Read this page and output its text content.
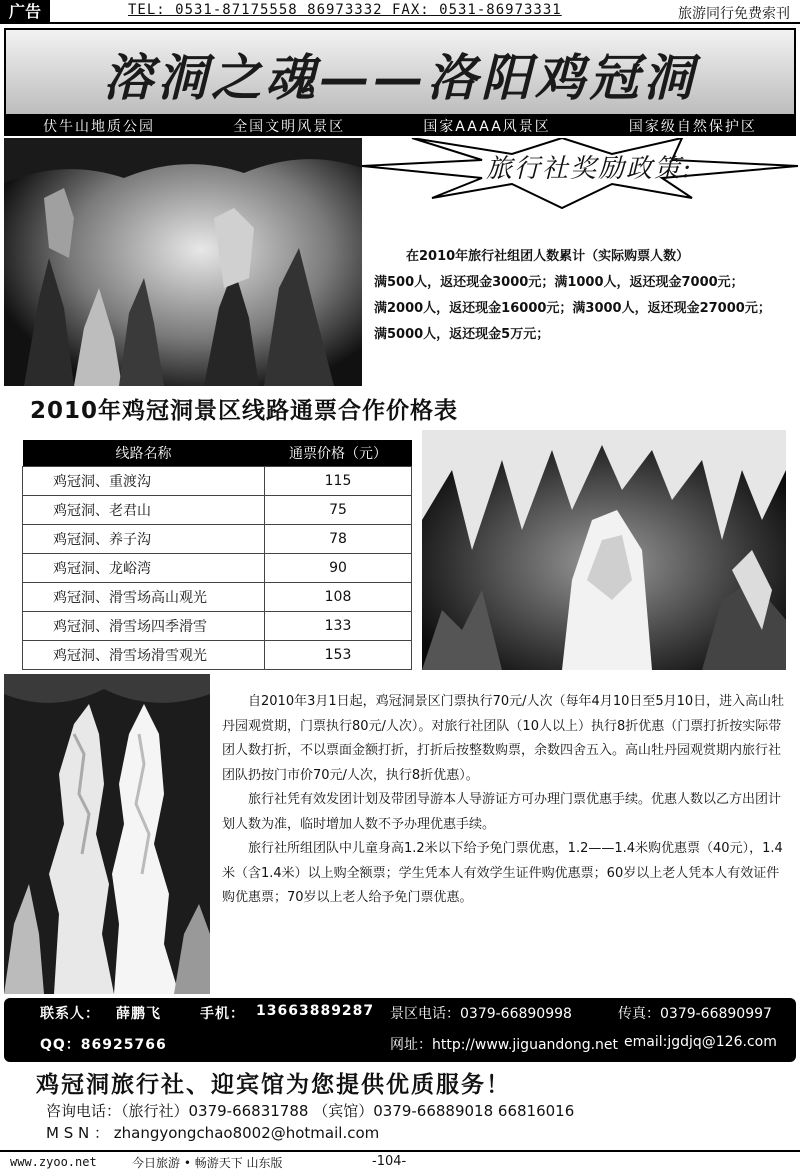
广告	TEL: 0531-87175558 86973332 FAX: 0531-86973331	旅游同行免费索刊
溶洞之魂——洛阳鸡冠洞
伏牛山地质公园	全国文明风景区	国家AAAA风景区	国家级自然保护区
旅行社奖励政策:

在2010年旅行社组团人数累计（实际购票人数）

满500人，返还现金3000元；满1000人，返还现金7000元；

满2000人，返还现金16000元；满3000人，返还现金27000元；

满5000人，返还现金5万元；

2010年鸡冠洞景区线路通票合作价格表
线路名称	通票价格（元）
鸡冠洞、重渡沟	115
鸡冠洞、老君山	75
鸡冠洞、养子沟	78
鸡冠洞、龙峪湾	90
鸡冠洞、滑雪场高山观光	108
鸡冠洞、滑雪场四季滑雪	133
鸡冠洞、滑雪场滑雪观光	153

自2010年3月1日起，鸡冠洞景区门票执行70元/人次（每年4月10日至5月10日，进入高山牡丹园观赏期，门票执行80元/人次）。对旅行社团队（10人以上）执行8折优惠（门票打折按实际带团人数打折，不以票面金额打折，打折后按整数购票，余数四舍五入。高山牡丹园观赏期内旅行社团队扔按门市价70元/人次，执行8折优惠）。

旅行社凭有效发团计划及带团导游本人导游证方可办理门票优惠手续。优惠人数以乙方出团计划人数为准，临时增加人数不予办理优惠手续。

旅行社所组团队中儿童身高1.2米以下给予免门票优惠，1.2——1.4米购优惠票（40元），1.4米（含1.4米）以上购全额票；学生凭本人有效学生证件购优惠票；60岁以上老人凭本人有效证件购优惠票；70岁以上老人给予免门票优惠。

联系人： 薛鹏飞	手机： 13663889287 景区电话：0379-66890998	传真：0379-66890997
QQ：86925766	网址：http://www.jiguandong.net email:jgdjq@126.com
鸡冠洞旅行社、迎宾馆为您提供优质服务！
咨询电话：（旅行社）0379-66831788 （宾馆）0379-66889018 66816016
M S N ： zhangyongchao8002@hotmail.com
www.zyoo.net	今日旅游 • 畅游天下 山东版	-104-
